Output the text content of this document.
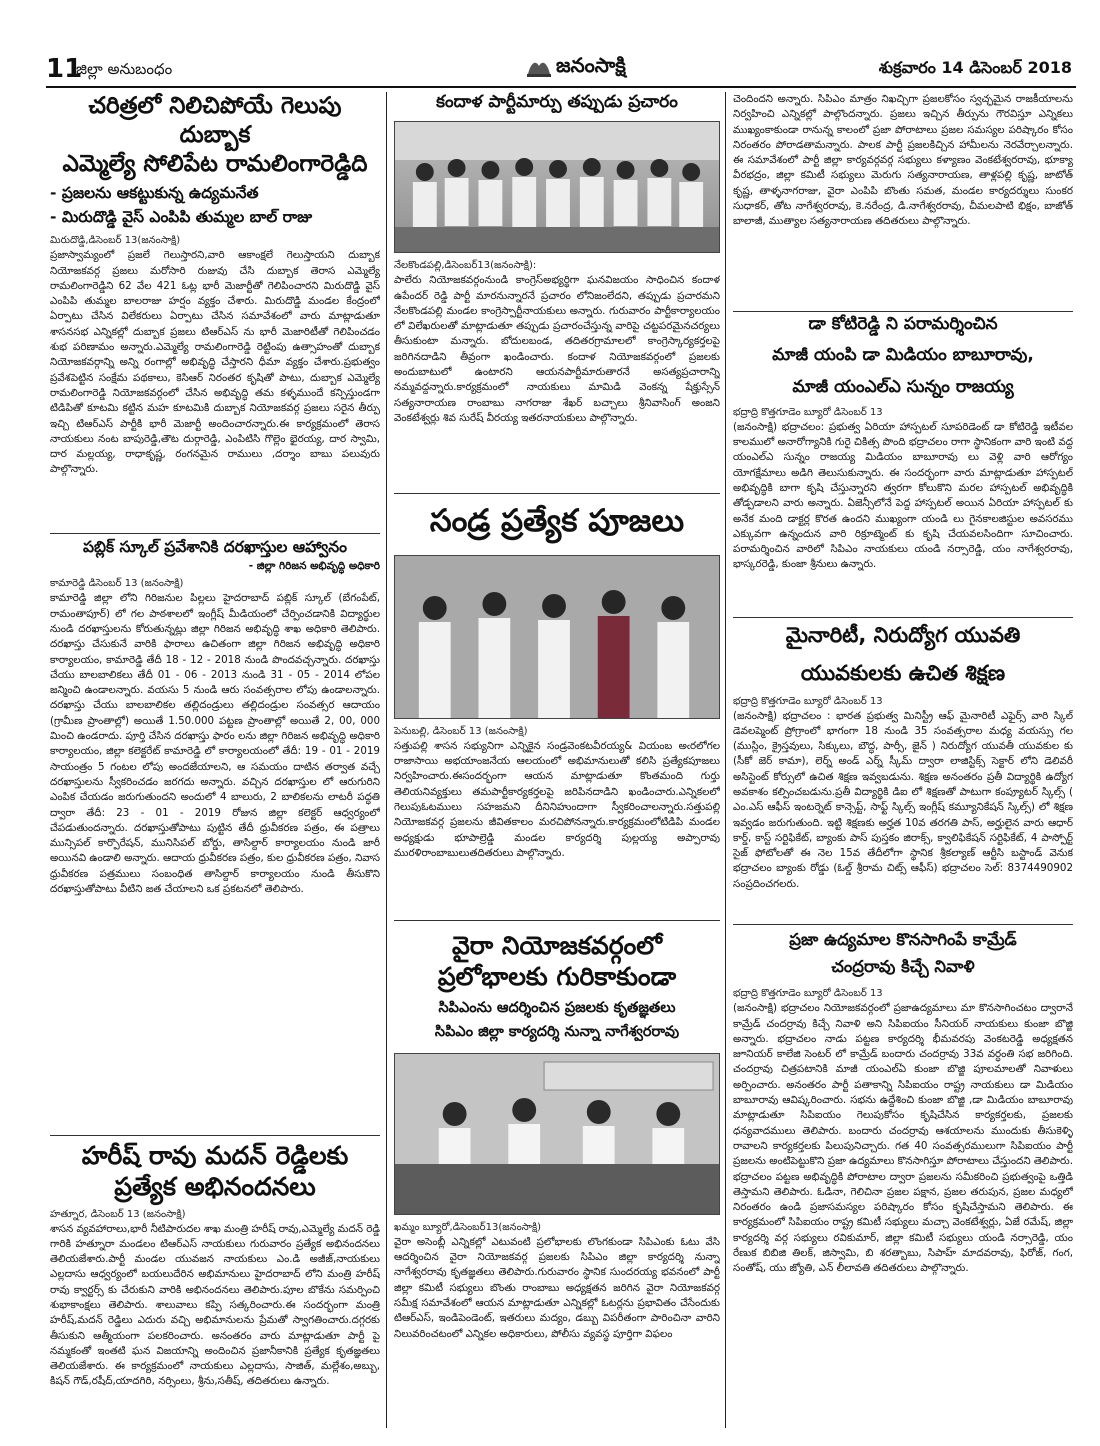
11
జిల్లా అనుబంధం	జనంసాక్షి	శుక్రవారం 14 డిసెంబర్ 2018
చరిత్రలో నిలిచిపోయే గెలుపు దుబ్బాక
ఎమ్మెల్యే సోలిపేట రామలింగారెడ్డిది
- ప్రజలను ఆకట్టుకున్న ఉద్యమనేత
- మిరుదొడ్డి వైస్ ఎంపిపి తుమ్మల బాల్ రాజు
మిరుదొడ్డి,డిసెంబర్ 13(జనంసాక్షి)
ప్రజాస్వామ్యంలో ప్రజలే గెలుస్తారని,వారి ఆకాంక్షలే గెలుస్తాయని దుబ్బాక నియోజకవర్గ ప్రజలు మరోసారి రుజువు చేసి దుబ్బాక తెరాస ఎమ్మెల్యే రామలింగారెడ్డిని 62 వేల 421 ఓట్ల భారీ మెజార్టీతో గెలిపించారని మిరుదొడ్డి వైస్ ఎంపిపి తుమ్మల బాలరాజు హర్షం వ్యక్తం చేశారు. మిరుదొడ్డి మండల కేంద్రంలో ఏర్పాటు చేసిన విలేకరులు ఏర్పాటు చేసిన సమావేశంలో వారు మాట్లాడుతూ శాసనసభ ఎన్నికల్లో దుబ్బాక ప్రజలు టిఆర్ఎస్ ను భారీ మెజారిటీతో గెలిపించడం శుభ పరిణామం అన్నారు.ఎమ్మెల్యే రామలింగారెడ్డి రెట్టింపు ఉత్సాహంతో దుబ్బాక నియోజకవర్గాన్ని అన్ని రంగాల్లో అభివృద్ధి చేస్తారని ధీమా వ్యక్తం చేశారు.ప్రభుత్వం ప్రవేశపెట్టిన సంక్షేమ పథకాలు, కెసిఆర్ నిరంతర కృషితో పాటు, దుబ్బాక ఎమ్మెల్యే రామలింగారెడ్డి నియోజకవర్గంలో చేసిన అభివృద్ధి తమ కళ్ళముందే కన్పిస్తుండగా టిడిపితో కూటమి కట్టిన మహ కూటమికి దుబ్బాక నియోజకవర్గ ప్రజలు సరైన తీర్పు ఇచ్చి టిఆర్ఎస్ పార్టీకి భారీ మెజార్టీ అందించారన్నారు.ఈ కార్యక్రమంలో తెరాస నాయకులు నంట బాపురెడ్డి,తౌట దుర్గారెడ్డి, ఎంపిటిసి గొల్లెం భైరయ్య, దార స్వామి, దార మల్లయ్య, రాధాకృష్ణ, రంగనమైన రాములు ,దర్శాం బాబు పలువురు పాల్గొన్నారు.
పబ్లిక్ స్కూల్ ప్రవేశానికి దరఖాస్తుల ఆహ్వానం
- జిల్లా గిరిజన అభివృద్ధి అధికారి
కామారెడ్డి డిసెంబర్ 13 (జనంసాక్షి)
కామారెడ్డి జిల్లా లోని గిరిజనుల పిల్లలు హైదరాబాద్ పబ్లిక్ స్కూల్ (బేగంపేట్, రామంతాపూర్) లో గల పాఠశాలలో ఇంగ్లీష్ మీడియంలో చేర్పించడానికి విద్యార్థుల నుండి దరఖాస్తులను కోరుతున్నట్లు జిల్లా గిరిజన అభివృద్ధి శాఖ అధికారి తెలిపారు. దరఖాస్తు చేసుకునే వారికి ఫారాలు ఉచితంగా జిల్లా గిరిజన అభివృద్ధి అధికారి కార్యాలయం, కామారెడ్డి తేదీ 18 - 12 - 2018 నుండి పొందవచ్చన్నారు. దరఖాస్తు చేయు బాలబాలికలు తేదీ 01 - 06 - 2013 నుండి 31 - 05 - 2014 లోపల జన్మించి ఉండాలన్నారు. వయసు 5 నుండి ఆరు సంవత్సరాల లోపు ఉండాలన్నారు. దరఖాస్తు చేయు బాలబాలికల తల్లిదండ్రులు తల్లిదండ్రుల సంవత్సర ఆదాయం (గ్రామీణ ప్రాంతాల్లో) అయితే 1.50.000 పట్టణ ప్రాంతాల్లో అయితే 2, 00, 000 మించి ఉండరాదు. పూర్తి చేసిన దరఖాస్తు ఫారం లను జిల్లా గిరిజన అభివృద్ధి అధికారి కార్యాలయం, జిల్లా కలెక్టరేట్ కామారెడ్డి లో కార్యాలయంలో తేదీ: 19 - 01 - 2019 సాయంత్రం 5 గంటల లోపు అందజేయాలని, ఆ సమయం దాటిన తర్వాత వచ్చే దరఖాస్తులను స్వీకరించడం జరగదు అన్నారు. వచ్చిన దరఖాస్తుల లో ఆరుగురిని ఎంపిక చేయడం జరుగుతుందని అందులో 4 బాలురు, 2 బాలికలను లాటరీ పద్ధతి ద్వారా తేదీ: 23 - 01 - 2019 రోజున జిల్లా కలెక్టర్ ఆధ్వర్యంలో చేపడుతుందన్నారు. దరఖాస్తుతోపాటు పుట్టిన తేదీ ధ్రువీకరణ పత్రం, ఈ పత్రాలు మున్సిపల్ కార్పొరేషన్, మునిసిపల్ బోర్డు, తాసిల్దార్ కార్యాలయం నుండి జారీ అయినవి ఉండాలి అన్నారు. ఆదాయ ధ్రువీకరణ పత్రం, కుల ధ్రువీకరణ పత్రం, నివాస ధ్రువీకరణ పత్రములు సంబంధిత తాసిల్దార్ కార్యాలయం నుండి తీసుకొని దరఖాస్తుతోపాటు వీటిని జత చేయాలని ఒక ప్రకటనలో తెలిపారు.
హరీష్ రావు మదన్ రెడ్డిలకు
ప్రత్యేక అభినందనలు
హత్నూర, డిసెంబర్ 13 (జనంసాక్షి)
శాసన వ్యవహారాలు,భారీ నీటిపారుదల శాఖ మంత్రి హరీష్ రావు,ఎమ్మెల్యే మదన్ రెడ్డి గారికి హత్నూరా మండలం టిఆర్ఎస్ నాయకులు గురువారం ప్రత్యేక అభినందనలు తెలియజేశారు.పార్టీ మండల యువజన నాయకులు ఎం.డి అజీజ్,నాయకులు ఎల్లదాసు ఆధ్వర్యంలో బయలుదేరిన అభిమానులు హైదరాబాద్ లోని మంత్రి హరీష్ రావు క్వార్టర్స్ కు చేరుకుని వారికి అభినందనలు తెలిపారు.పూల బొకేను సమర్పించి శుభాకాంక్షలు తెలిపారు. శాలువాలు కప్పి సత్కరించారు.ఈ సందర్భంగా మంత్రి హరీష్,మదన్ రెడ్డిలు ఎదురు వచ్చి అభిమానులను ప్రేమతో స్వాగతించారు.దగ్గరకు తీసుకుని ఆత్మీయంగా పలకరించారు. అనంతరం వారు మాట్లాడుతూ పార్టీ పై నమ్మకంతో ఇంతటి ఘన విజయాన్ని అందించిన ప్రజానీకానికి ప్రత్యేక కృతజ్ఞతలు తెలియజేశారు. ఈ కార్యక్రమంలో నాయకులు ఎల్లదాసు, సాజిత్, మల్లేశం,అబ్బు, కిషన్ గౌడ్,రషీద్,యాదగిరి, నర్సింలు, శ్రీను,సతీష్, తదితరులు ఉన్నారు.
కందాళ పార్టీమార్పు తప్పుడు ప్రచారం
నేలకొండపల్లి,డిసెంబర్13(జనంసాక్షి):
పాలేరు నియోజకవర్గంనుండి కాంగ్రెస్అభ్యర్థిగా ఘనవిజయం సాధించిన కందాళ ఉపేందర్ రెడ్డి పార్టీ మారనున్నారనే ప్రచారం లోనిజంలేదని, తప్పుడు ప్రచారమని నేలకొండపల్లి మండల కాంగ్రెస్పార్టీనాయకులు అన్నారు. గురువారం పార్టీకార్యాలయం లో విలేఖరులతో మాట్లాడుతూ తప్పుడు ప్రచారంచేస్తున్న వారిపై చట్టపరమైనచర్యలు తీసుకుంటా మన్నారు. బోదులబండ, తదితరగ్రామాలలో కాంగ్రెస్కార్యకర్తలపై జరిగినదాడిని తీవ్రంగా ఖండించారు. కందాళ నియోజకవర్గంలో ప్రజలకు అందుబాటులో ఉంటారని ఆయనపార్టీమారుతారనే అసత్యప్రచారాన్ని నమ్మవద్దన్నారు.కార్యక్రమంలో నాయకులు మామిడి వెంకన్న షేక్హుస్సేన్ సత్యనారాయణ రాంబాబు నాగరాజు శేఖర్ బచ్చాలు శ్రీనివాసింగ్ అంజని వెంకటేశ్వర్లు శివ సురేష్ వీరయ్య ఇతరనాయకులు పాల్గొన్నారు.
సండ్ర ప్రత్యేక పూజలు
పెనుబల్లి, డిసెంబర్ 13 (జనంసాక్షి)
సత్తుపల్లి శాసన సభ్యునిగా ఎన్నికైన సండ్రవెంకటవీరయ్య& వియంబ అఁరలోగల రాజాసాయి అభయాంజనేయ ఆలయంలో అభిమానులుతో కలిసి ప్రత్యేకపూజలు నిర్వహించారు.ఈసందర్భంగా ఆయన మాట్లాడుతూ కొంతమంది గుర్తు తెలియనివ్యక్తులు తమపార్టీకార్యకర్తలపై జరిపినదాడిని ఖండించారు.ఎన్నికలలో గెలుపుఓటములు సహజమని దీనినిహుందాగా స్వీకరించాలన్నారు.సత్తుపల్లి నియోజకవర్గ ప్రజలను జీవితకాలం మరచిపోనన్నారు.కార్యక్రమంలోటిడిపి మండల అధ్యక్షుడు భూపాల్రెడ్డి మండల కార్యదర్శి పుల్లయ్య అప్పారావు మురళిరాంబాబులుతదితరులు పాల్గొన్నారు.
వైరా నియోజకవర్గంలో
ప్రలోభాలకు గురికాకుండా
సిపిఎంను ఆదర్శించిన ప్రజలకు కృతజ్ఞతలు
సిపిఎం జిల్లా కార్యదర్శి నున్నా నాగేశ్వరరావు
ఖమ్మం బ్యూరో,డిసెంబర్13(జనంసాక్షి)
వైరా అసెంబ్లీ ఎన్నికల్లో ఎటువంటి ప్రలోభాలకు లొంగకుండా సిపిఎంకు ఓటు వేసి ఆదర్శించిన వైరా నియోజకవర్గ ప్రజలకు సిపిఎం జిల్లా కార్యదర్శి నున్నా నాగేశ్వరరావు కృతజ్ఞతలు తెలిపారు.గురువారం స్థానిక సుందరయ్య భవనంలో పార్టీ జిల్లా కమిటీ సభ్యులు బొంతు రాంబాబు అధ్యక్షతన జరిగిన వైరా నియోజకవర్గ సమీక్ష సమావేశంలో ఆయన మాట్లాడుతూ ఎన్నికల్లో ఓటర్లను ప్రభావితం చేసేందుకు టిఆర్ఎస్, ఇండిపెండెంట్, ఇతరులు మద్యం, డబ్బు విపరీతంగా పారించినా వారిని నిలువరించటంలో ఎన్నికల అధికారులు, పోలీసు వ్యవస్థ పూర్తిగా విఫలం
చెందిందని అన్నారు. సిపిఎం మాత్రం నిఖచ్చిగా ప్రజలకోసం స్వచ్ఛమైన రాజకీయాలను నిర్వహించి ఎన్నికల్లో పాల్గొందన్నారు. ప్రజలు ఇచ్చిన తీర్పును గౌరవిస్తూ ఎన్నికలు ముఖ్యంకాకుండా రానున్న కాలంలో ప్రజా పోరాటాలు ప్రజల సమస్యల పరిష్కారం కోసం నిరంతరం పోరాడతామన్నారు. పాలక పార్టీ ప్రజలకిచ్చిన హామీలను నెరవేర్చాలన్నారు. ఈ సమావేశంలో పార్టీ జిల్లా కార్యవర్గవర్గ సభ్యులు కళ్యాణం వెంకటేశ్వరరావు, భూక్యా వీరభద్రం, జిల్లా కమిటీ సభ్యులు మెరుగు సత్యనారాయణ, తాళ్లపల్లి కృష్ణ, జాటోత్ కృష్ణ, తాళ్ళనాగరాజు, వైరా ఎంపిపి బొంతు సమత, మండల కార్యదర్శులు సుంకర సుధాకర్, తోట నాగేశ్వరరావు, కె.నరేంద్ర, డి.నాగేశ్వరరావు, చీమలపాటి భిక్షం, బాజోత్ బాలాజీ, ముత్యాల సత్యనారాయణ తదితరులు పాల్గొన్నారు.
డా కోటిరెడ్డి ని పరామర్శించిన
మాజీ యంపి డా మిడియం బాబూరావు,
మాజీ యంఎల్ఎ సున్నం రాజయ్య
భద్రాద్రి కొత్తగూడెం బ్యూరో డిసెంబర్ 13
(జనంసాక్షి) భద్రాచలం: ప్రభుత్వ ఏరియా హాస్పటల్ సూపరిడెంట్ డా కోటిరెడ్డి ఇటీవల కాలములో అనారోగ్యానికి గురై చికిత్స పొంది భద్రాచలం రాగా స్థానికంగా వారి ఇంటి వద్ద యంఎల్ఎ సున్నం రాజయ్య మిడియం బాబూరావు లు వెళ్లి వారి ఆరోగ్యం యోగక్షేమాలు అడిగి తెలుసుకున్నారు. ఈ సందర్భంగా వారు మాట్లాడుతూ హాస్పటల్ అభివృద్ధికి బాగా కృషి చేస్తున్నారని త్వరగా కోలుకొని మరల హాస్పటల్ అభివృద్ధికి తోడ్పడాలని వారు అన్నారు. ఏజెన్సీలోనే పెద్ద హాస్పటల్ అయిన ఏరియా హాస్పటల్ కు అనేక మంది డాక్టర్ల కొరత ఉందని ముఖ్యంగా యండి లు గైనకాలజిస్టుల అవసరము ఎక్కువగా ఉన్నందున వారి రిక్రూట్మెంట్ కు కృషి చేయవలసిందిగా సూచించారు. పరామర్శించిన వారిలో సిపిఎం నాయకులు యండి నర్సారెడ్డి, యం నాగేశ్వరరావు, భాస్కరరెడ్డి, కుంజా శ్రీనులు ఉన్నారు.
మైనారిటీ, నిరుద్యోగ యువతి
యువకులకు ఉచిత శిక్షణ
భద్రాద్రి కొత్తగూడెం బ్యూరో డిసెంబర్ 13
(జనంసాక్షి) భద్రాచలం : భారత ప్రభుత్వ మినిస్ట్రీ ఆఫ్ మైనారిటీ ఎఫైర్స్ వారి స్కిల్ డెవలప్మెంట్ ప్రోగ్రాంలో భాగంగా 18 నుండి 35 సంవత్సరాల మధ్య వయస్సు గల (ముస్లిం, క్రైస్తవులు, సిక్కులు, బౌద్ధ, పార్సీ, జైన్ ) నిరుద్యోగ యువతీ యువకుల కు (సీకో జెర్ కామా), లెర్న్ అండ్ ఎర్న్ స్కీమ్ ద్వారా లాజిస్టిక్స్ సెక్టార్ లోని డెలివరీ అసిస్టెంట్ కోర్సులో ఉచిత శిక్షణ ఇవ్వబడును. శిక్షణ అనంతరం ప్రతీ విద్యార్థికి ఉద్యోగ అవకాశం కల్పించబడును.ప్రతీ విద్యార్థికి డిఐ లో శిక్షణతో పాటుగా కంప్యూటర్ స్కిల్స్ ( ఎం.ఎస్ ఆఫీస్ ఇంటర్నెట్ కాన్సెప్ట్, సాఫ్ట్ స్కిల్స్ ఇంగ్లీష్ కమ్యూనికేషన్ స్కిల్స్) లో శిక్షణ ఇవ్వడం జరుగుతుంది. ఇట్టి శిక్షణకు అర్హత 10వ తరగతి పాస్, అర్హులైన వారు ఆధార్ కార్డ్, కాస్ట్ సర్టిఫికేట్, బ్యాంకు పాస్ పుస్తకం జిరాక్స్, క్వాలిఫికేషన్ సర్టిఫికేట్, 4 పాస్పోర్ట్ సైజ్ ఫోటోలతో ఈ నెల 15వ తేదీలోగా స్థానిక శ్రీకల్యాణ్ ఆర్టీసి బస్టాండ్ వెనుక భద్రాచలం బ్యాంకు రోడ్డు (ఓల్డ్ శ్రీరామ చిట్స్ ఆఫీస్) భద్రాచలం సెల్: 8374490902 సంప్రదించగలరు.
ప్రజా ఉద్యమాల కొనసాగింపే కామ్రేడ్
చంద్రరావు కిచ్చే నివాళి
భద్రాద్రి కొత్తగూడెం బ్యూరో డిసెంబర్ 13
(జనంసాక్షి) భద్రాచలం నియోజకవర్గంలో ప్రజాఉద్యమాలు మా కొనసాగించటం ద్వారానే కామ్రేడ్ చందర్రావు కిచ్చే నివాళి అని సిపిఐయం సీనియర్ నాయకులు కుంజా బొజ్జి అన్నారు. భద్రాచలం నాడు పట్టణ కార్యదర్శి భీమవరపు వెంకటరెడ్డి అధ్యక్షతన జూనియర్ కాలేజి సెంటర్ లో కామ్రేడ్ బందారు చందర్రావు 33వ వర్ధంతి సభ జరిగింది. చందర్రావు చిత్రపటానికి మాజీ యంఎల్ఏ కుంజా బొజ్జి పూలమాలతో నివాళులు అర్పించారు. అనంతరం పార్టీ పతాకాన్ని సిపిఐయం రాష్ట్ర నాయకులు డా మిడియం బాబూరావు ఆవిష్కరించారు. సభను ఉద్దేశించి కుంజా బొజ్జి ,డా మిడియం బాబూరావు మాట్లాడుతూ సిపిఐయం గెలుపుకోసం కృషిచేసిన కార్యకర్తలకు, ప్రజలకు ధన్యవాదములు తెలిపారు. బందారు చందర్రావు ఆశయాలను ముందుకు తీసుకెళ్ళి రావాలని కార్యకర్తలకు పిలుపునిచ్చారు. గత 40 సంవత్సరములుగా సిపిఐయం పార్టీ ప్రజలను అంటిపెట్టుకొని ప్రజా ఉద్యమాలు కొనసాగిస్తూ పోరాటాలు చేస్తుందని తెలిపారు. భద్రాచలం పట్టణ అభివృద్ధికి పోరాటాల ద్వారా ప్రజలను సమీకరించి ప్రభుత్వంపై ఒత్తిడి తెస్తామని తెలిపారు. ఓడినా, గెలిచినా ప్రజల పక్షాన, ప్రజల తరుపున, ప్రజల మధ్యలో నిరంతరం ఉండి ప్రజాసమస్యల పరిష్కారం కోసం కృషిచేస్తామని తెలిపారు. ఈ కార్యక్రమంలో సిపిఐయం రాష్ట్ర కమిటీ సభ్యులు మచ్చా వెంకటేశ్వర్లు, ఏజే రమేష్, జిల్లా కార్యదర్శి వర్గ సభ్యులు రవికుమార్, జిల్లా కమిటీ సభ్యులు యండి నర్సారెడ్డి, యం రేణుక బిబిజి తిలక్, జిస్వామి, బి శరత్బాబు, సిపాహ్ మాదవరావు, ఫిరోజ్, గంగ, సంతోష్, యు జ్యోతి, ఎన్ లీలావతి తదితరులు పాల్గొన్నారు.
